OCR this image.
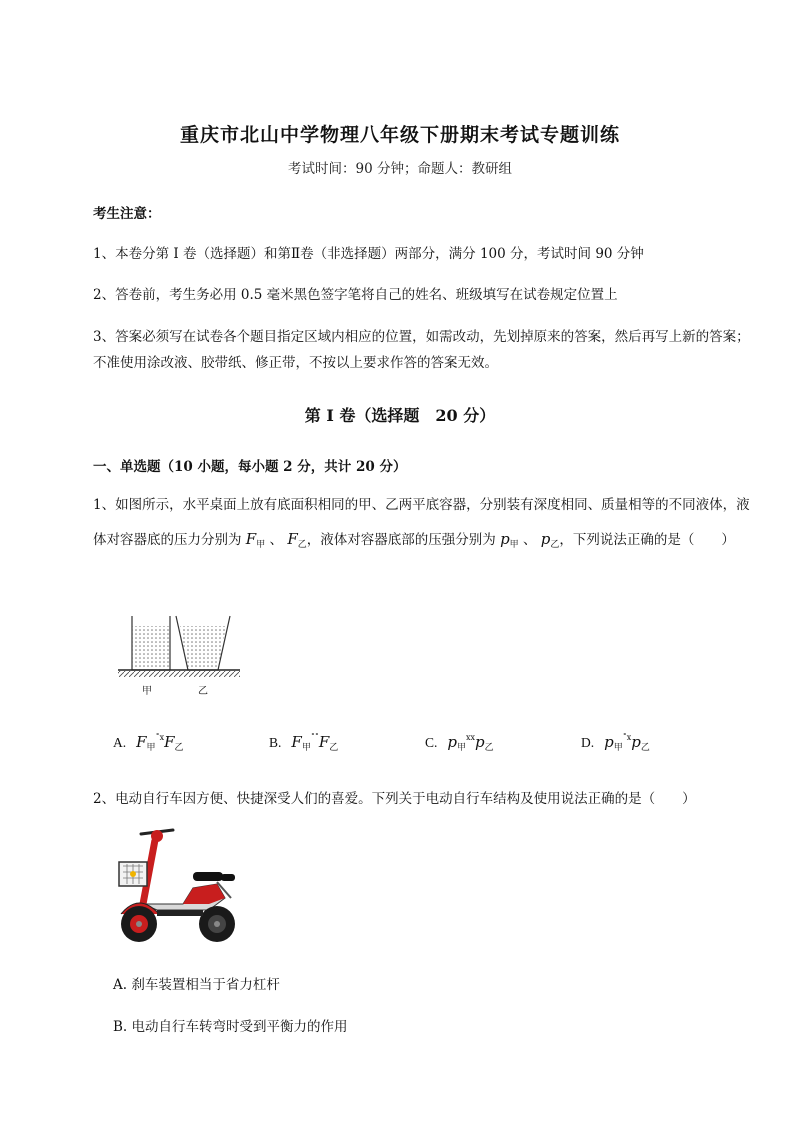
重庆市北山中学物理八年级下册期末考试专题训练
考试时间：90 分钟；命题人：教研组
考生注意：
1、本卷分第 I 卷（选择题）和第Ⅱ卷（非选择题）两部分，满分 100 分，考试时间 90 分钟
2、答卷前，考生务必用 0.5 毫米黑色签字笔将自己的姓名、班级填写在试卷规定位置上
3、答案必须写在试卷各个题目指定区域内相应的位置，如需改动，先划掉原来的答案，然后再写上新的答案；不准使用涂改液、胶带纸、修正带，不按以上要求作答的答案无效。
第 I 卷（选择题　20 分）
一、单选题（10 小题，每小题 2 分，共计 20 分）
1、如图所示，水平桌面上放有底面积相同的甲、乙两平底容器，分别装有深度相同、质量相等的不同液体，液体对容器底的压力分别为 $F_甲$ 、 $F_乙$，液体对容器底部的压强分别为 $p_甲$ 、 $p_乙$，下列说法正确的是（　　）
甲	乙
A. $F_甲^{˚x}F_乙$	B. $F_甲^{˚˚}F_乙$	C. $p_甲^{xx}p_乙$	D. $p_甲^{˚x}p_乙$
2、电动自行车因方便、快捷深受人们的喜爱。下列关于电动自行车结构及使用说法正确的是（　　）
A. 刹车装置相当于省力杠杆
B. 电动自行车转弯时受到平衡力的作用
